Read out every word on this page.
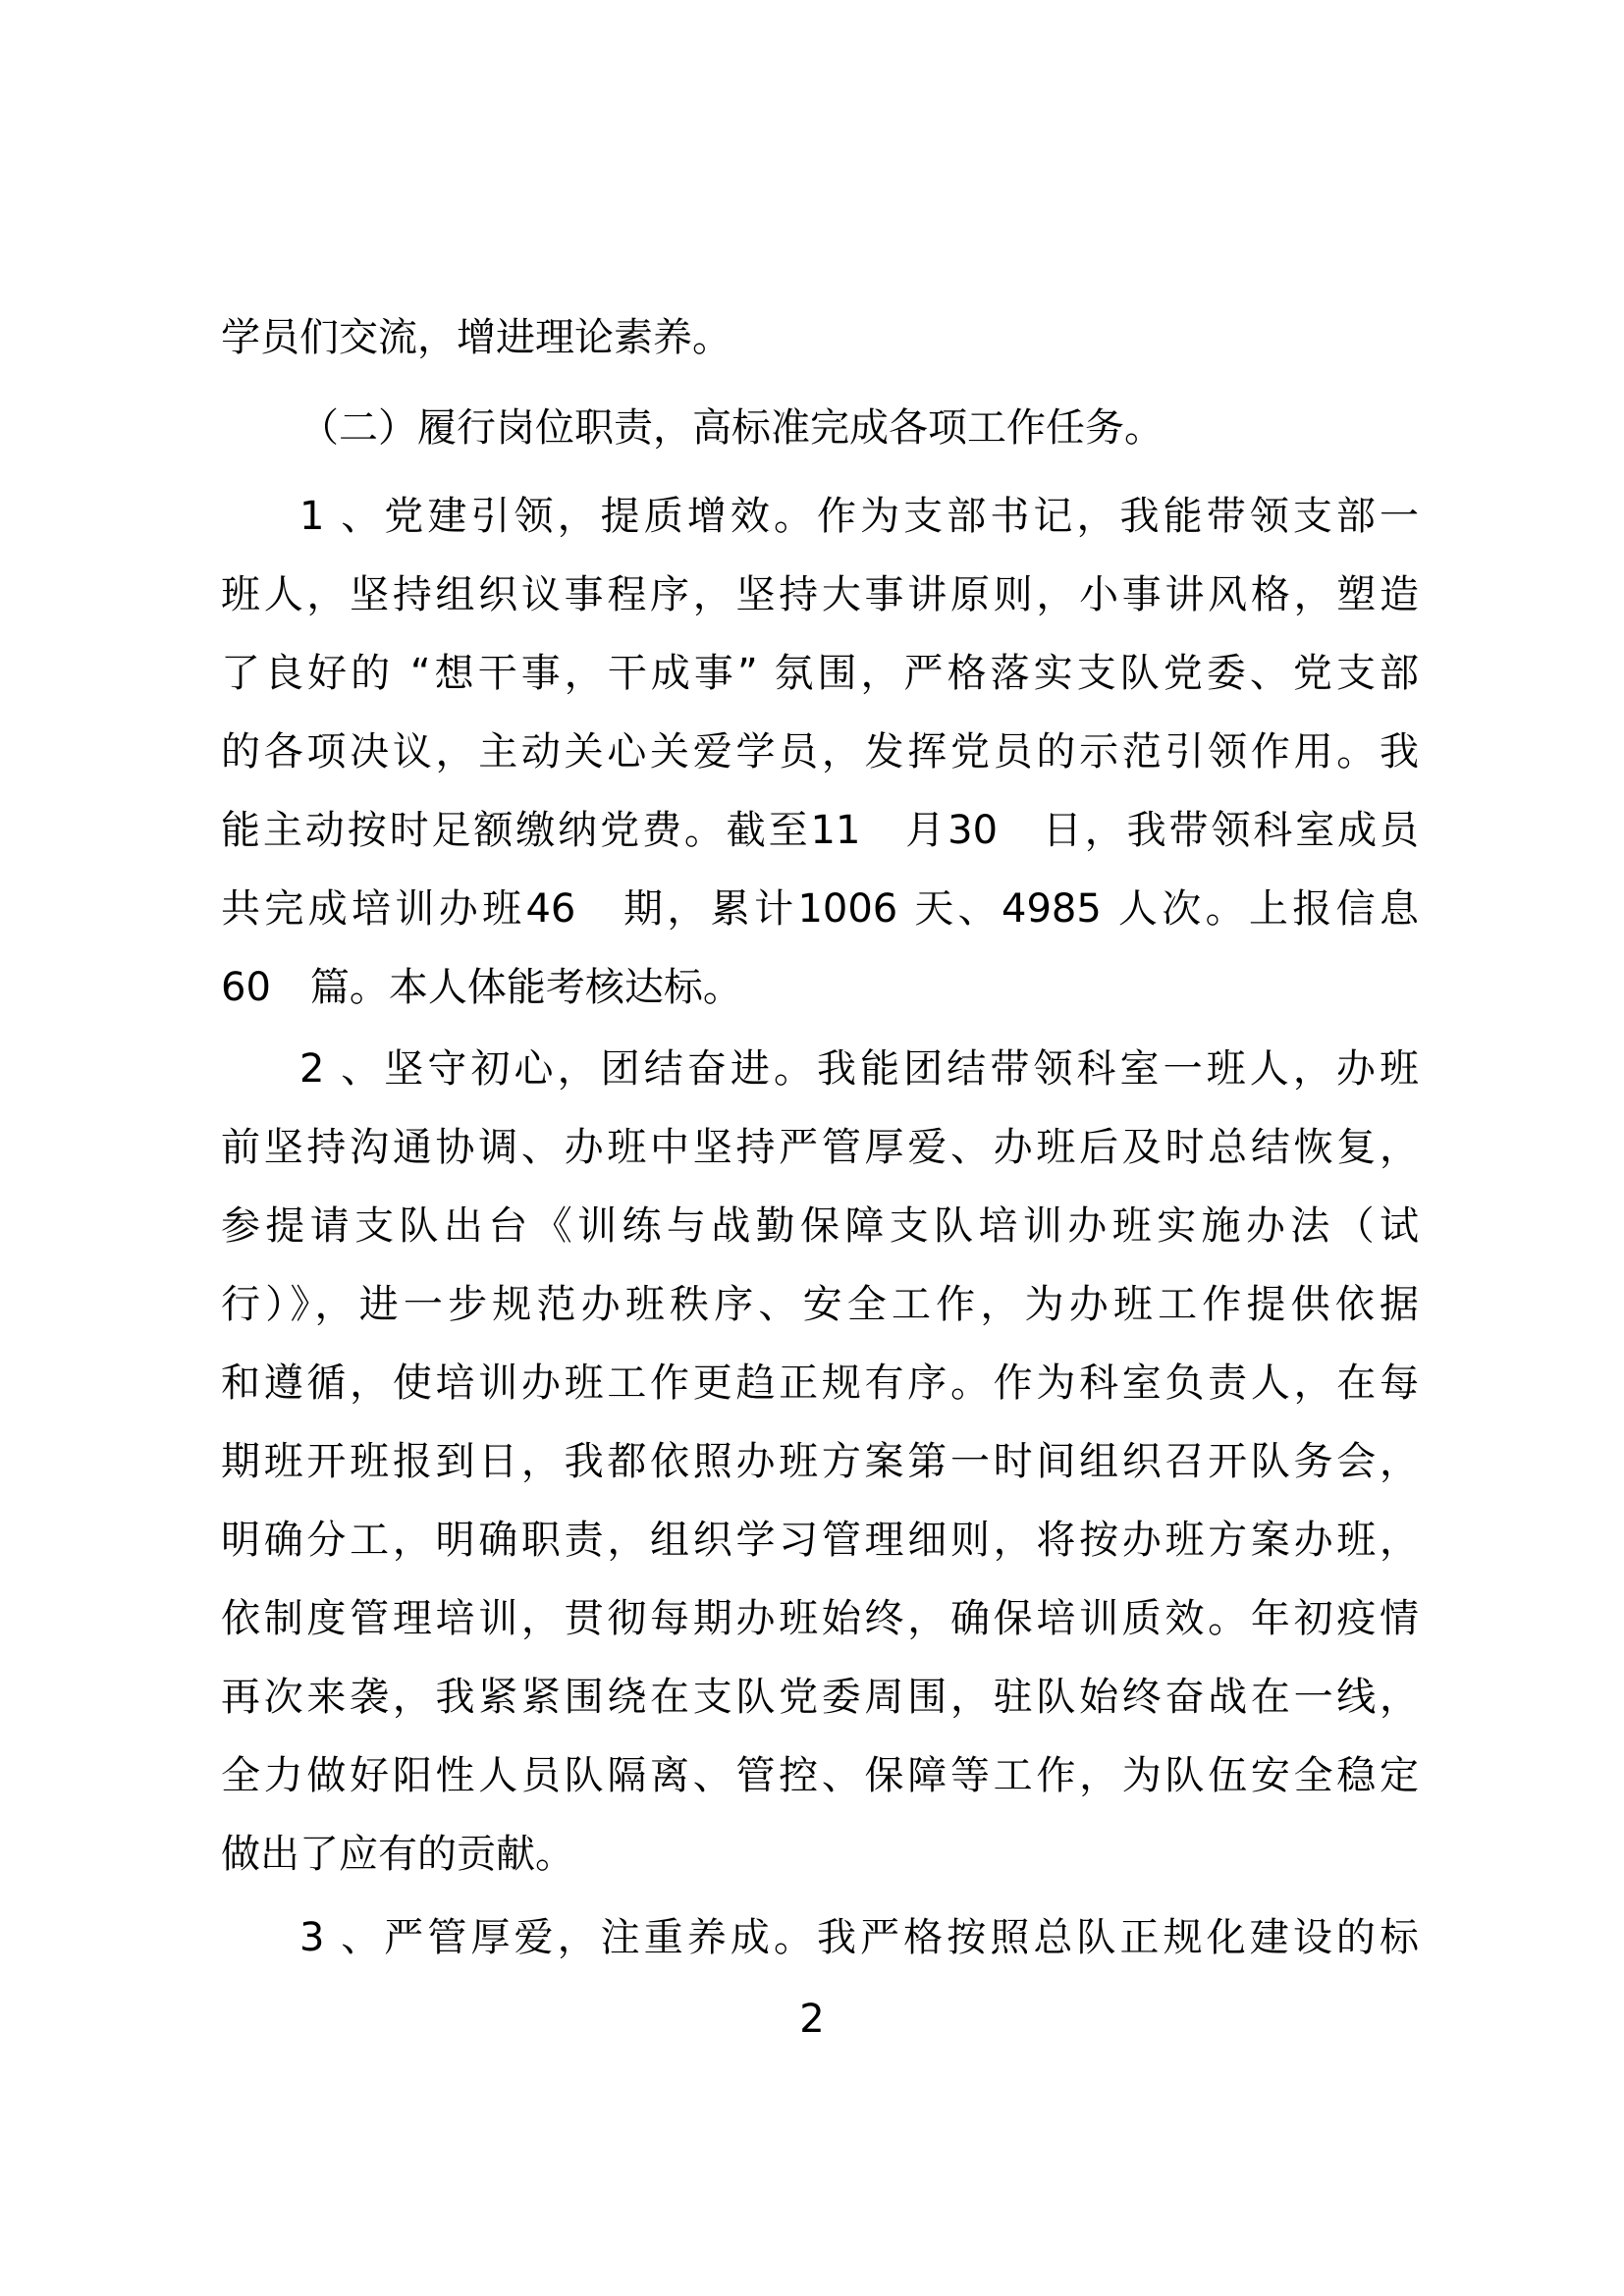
学员们交流，增进理论素养。
（二）履行岗位职责，高标准完成各项工作任务。
1 、党建引领，提质增效。作为支部书记，我能带领支部一
班人，坚持组织议事程序，坚持大事讲原则，小事讲风格，塑造
了良好的 “想干事，干成事” 氛围，严格落实支队党委、党支部
的各项决议，主动关心关爱学员，发挥党员的示范引领作用。我
能主动按时足额缴纳党费。截至11　月30　日，我带领科室成员
共完成培训办班46　期，累计1006 天、4985 人次。上报信息
60　篇。本人体能考核达标。
2 、坚守初心，团结奋进。我能团结带领科室一班人，办班
前坚持沟通协调、办班中坚持严管厚爱、办班后及时总结恢复，
参提请支队出台《训练与战勤保障支队培训办班实施办法（试
行）》，进一步规范办班秩序、安全工作，为办班工作提供依据
和遵循，使培训办班工作更趋正规有序。作为科室负责人，在每
期班开班报到日，我都依照办班方案第一时间组织召开队务会，
明确分工，明确职责，组织学习管理细则，将按办班方案办班，
依制度管理培训，贯彻每期办班始终，确保培训质效。年初疫情
再次来袭，我紧紧围绕在支队党委周围，驻队始终奋战在一线，
全力做好阳性人员队隔离、管控、保障等工作，为队伍安全稳定
做出了应有的贡献。
3 、严管厚爱，注重养成。我严格按照总队正规化建设的标
2
